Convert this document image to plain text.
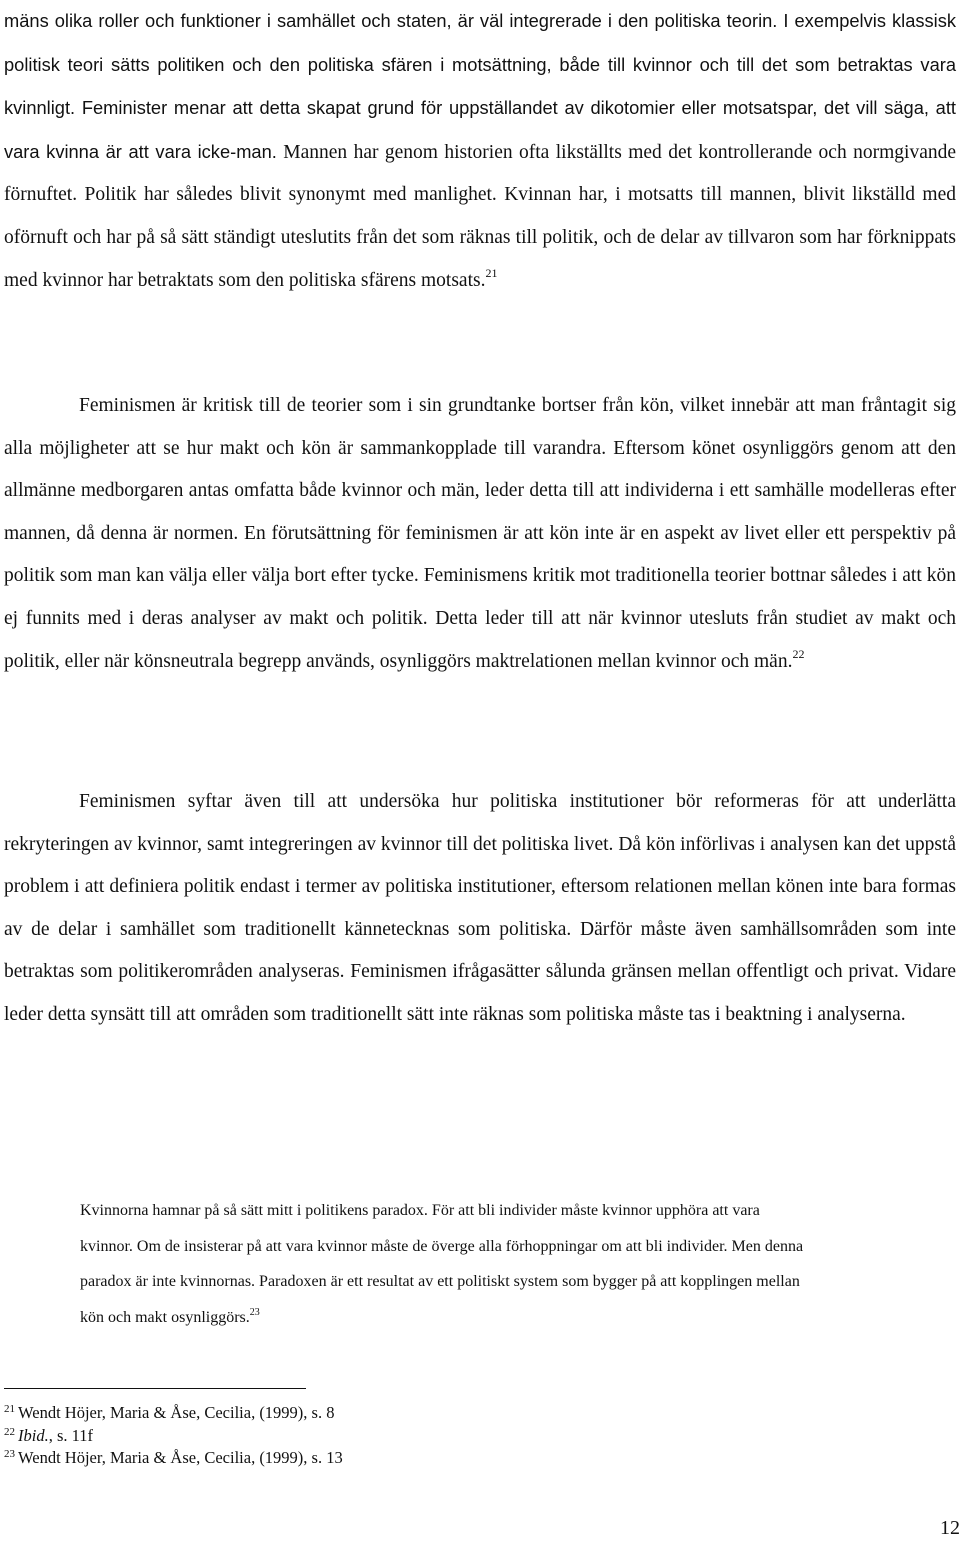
mäns olika roller och funktioner i samhället och staten, är väl integrerade i den politiska teorin. I exempelvis klassisk politisk teori sätts politiken och den politiska sfären i motsättning, både till kvinnor och till det som betraktas vara kvinnligt. Feminister menar att detta skapat grund för uppställandet av dikotomier eller motsatspar, det vill säga, att vara kvinna är att vara icke-man. Mannen har genom historien ofta likställts med det kontrollerande och normgivande förnuftet. Politik har således blivit synonymt med manlighet. Kvinnan har, i motsatts till mannen, blivit likställd med oförnuft och har på så sätt ständigt uteslutits från det som räknas till politik, och de delar av tillvaron som har förknippats med kvinnor har betraktats som den politiska sfärens motsats.$^{21}$

Feminismen är kritisk till de teorier som i sin grundtanke bortser från kön, vilket innebär att man fråntagit sig alla möjligheter att se hur makt och kön är sammankopplade till varandra. Eftersom könet osynliggörs genom att den allmänne medborgaren antas omfatta både kvinnor och män, leder detta till att individerna i ett samhälle modelleras efter mannen, då denna är normen. En förutsättning för feminismen är att kön inte är en aspekt av livet eller ett perspektiv på politik som man kan välja eller välja bort efter tycke. Feminismens kritik mot traditionella teorier bottnar således i att kön ej funnits med i deras analyser av makt och politik. Detta leder till att när kvinnor utesluts från studiet av makt och politik, eller när könsneutrala begrepp används, osynliggörs maktrelationen mellan kvinnor och män.$^{22}$

Feminismen syftar även till att undersöka hur politiska institutioner bör reformeras för att underlätta rekryteringen av kvinnor, samt integreringen av kvinnor till det politiska livet. Då kön införlivas i analysen kan det uppstå problem i att definiera politik endast i termer av politiska institutioner, eftersom relationen mellan könen inte bara formas av de delar i samhället som traditionellt kännetecknas som politiska. Därför måste även samhällsområden som inte betraktas som politikerområden analyseras. Feminismen ifrågasätter sålunda gränsen mellan offentligt och privat. Vidare leder detta synsätt till att områden som traditionellt sätt inte räknas som politiska måste tas i beaktning i analyserna.

Kvinnorna hamnar på så sätt mitt i politikens paradox. För att bli individer måste kvinnor upphöra att vara kvinnor. Om de insisterar på att vara kvinnor måste de överge alla förhoppningar om att bli individer. Men denna paradox är inte kvinnornas. Paradoxen är ett resultat av ett politiskt system som bygger på att kopplingen mellan kön och makt osynliggörs.$^{23}$

$^{21}$ Wendt Höjer, Maria & Åse, Cecilia, (1999), s. 8
$^{22}$ Ibid., s. 11f
$^{23}$ Wendt Höjer, Maria & Åse, Cecilia, (1999), s. 13
12
